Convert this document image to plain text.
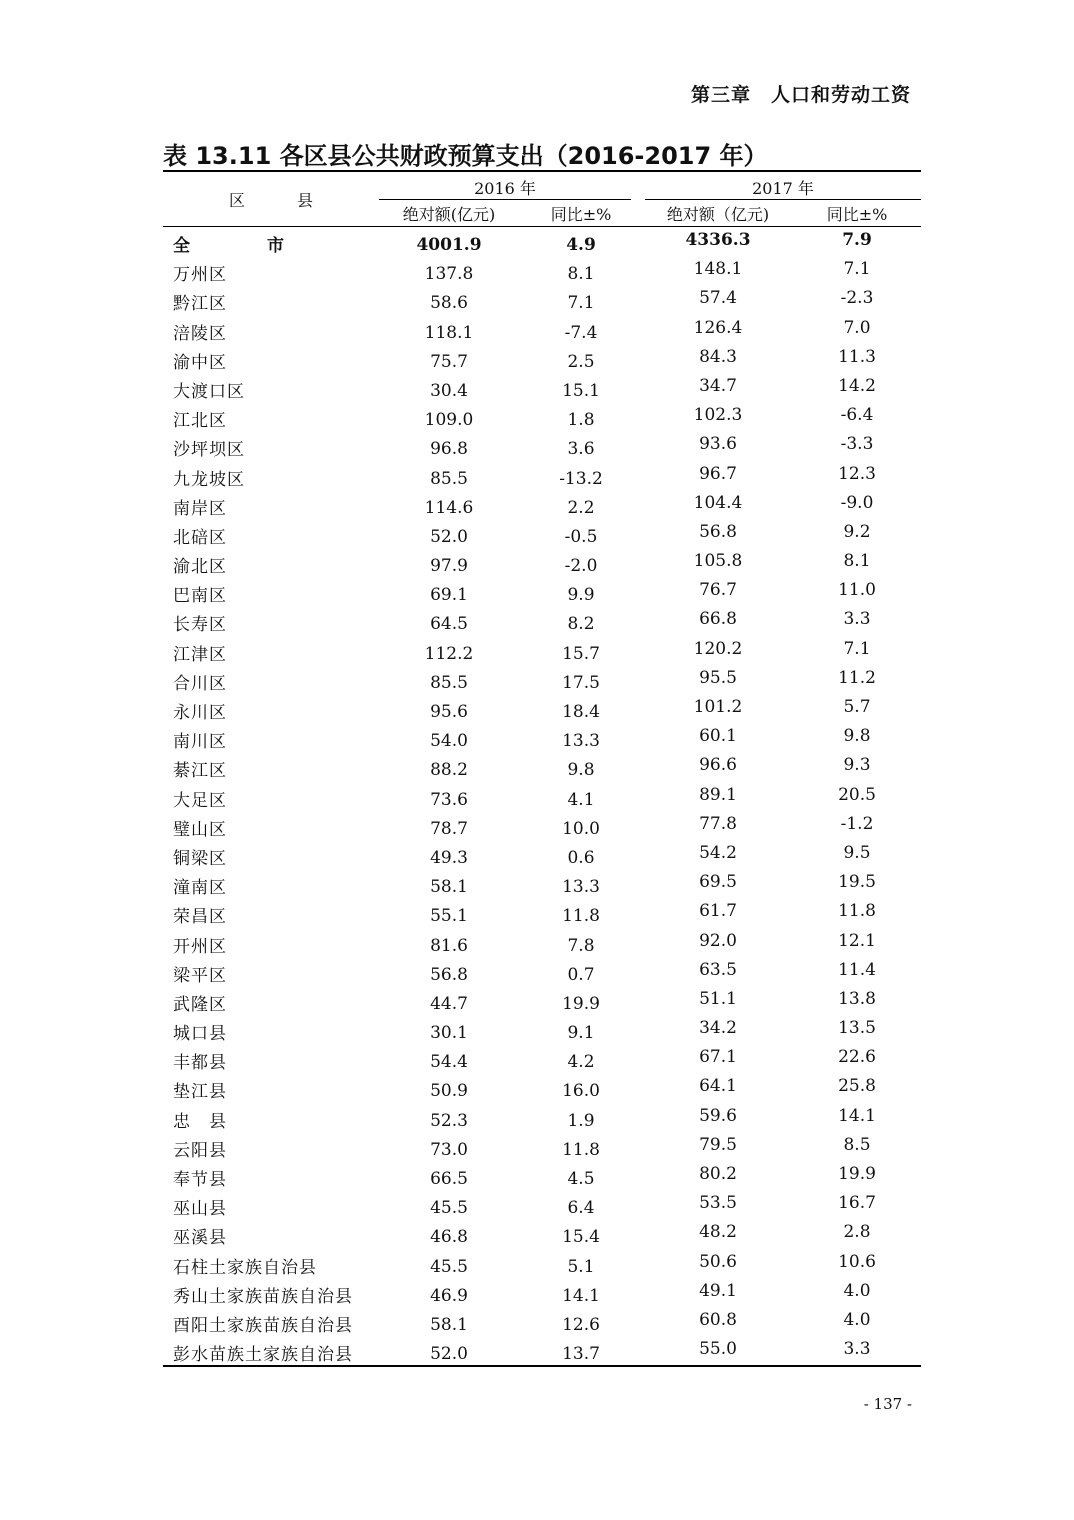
第三章　人口和劳动工资
表 13.11 各区县公共财政预算支出（2016-2017 年）
区　县
2016 年	2017 年
绝对额(亿元)	同比±%	绝对额（亿元)	同比±%
全　市	4001.9	4.9	4336.3	7.9
万州区	137.8	8.1	148.1	7.1
黔江区	58.6	7.1	57.4	-2.3
涪陵区	118.1	-7.4	126.4	7.0
渝中区	75.7	2.5	84.3	11.3
大渡口区	30.4	15.1	34.7	14.2
江北区	109.0	1.8	102.3	-6.4
沙坪坝区	96.8	3.6	93.6	-3.3
九龙坡区	85.5	-13.2	96.7	12.3
南岸区	114.6	2.2	104.4	-9.0
北碚区	52.0	-0.5	56.8	9.2
渝北区	97.9	-2.0	105.8	8.1
巴南区	69.1	9.9	76.7	11.0
长寿区	64.5	8.2	66.8	3.3
江津区	112.2	15.7	120.2	7.1
合川区	85.5	17.5	95.5	11.2
永川区	95.6	18.4	101.2	5.7
南川区	54.0	13.3	60.1	9.8
綦江区	88.2	9.8	96.6	9.3
大足区	73.6	4.1	89.1	20.5
璧山区	78.7	10.0	77.8	-1.2
铜梁区	49.3	0.6	54.2	9.5
潼南区	58.1	13.3	69.5	19.5
荣昌区	55.1	11.8	61.7	11.8
开州区	81.6	7.8	92.0	12.1
梁平区	56.8	0.7	63.5	11.4
武隆区	44.7	19.9	51.1	13.8
城口县	30.1	9.1	34.2	13.5
丰都县	54.4	4.2	67.1	22.6
垫江县	50.9	16.0	64.1	25.8
忠　县	52.3	1.9	59.6	14.1
云阳县	73.0	11.8	79.5	8.5
奉节县	66.5	4.5	80.2	19.9
巫山县	45.5	6.4	53.5	16.7
巫溪县	46.8	15.4	48.2	2.8
石柱土家族自治县	45.5	5.1	50.6	10.6
秀山土家族苗族自治县	46.9	14.1	49.1	4.0
酉阳土家族苗族自治县	58.1	12.6	60.8	4.0
彭水苗族土家族自治县	52.0	13.7	55.0	3.3
- 137 -
